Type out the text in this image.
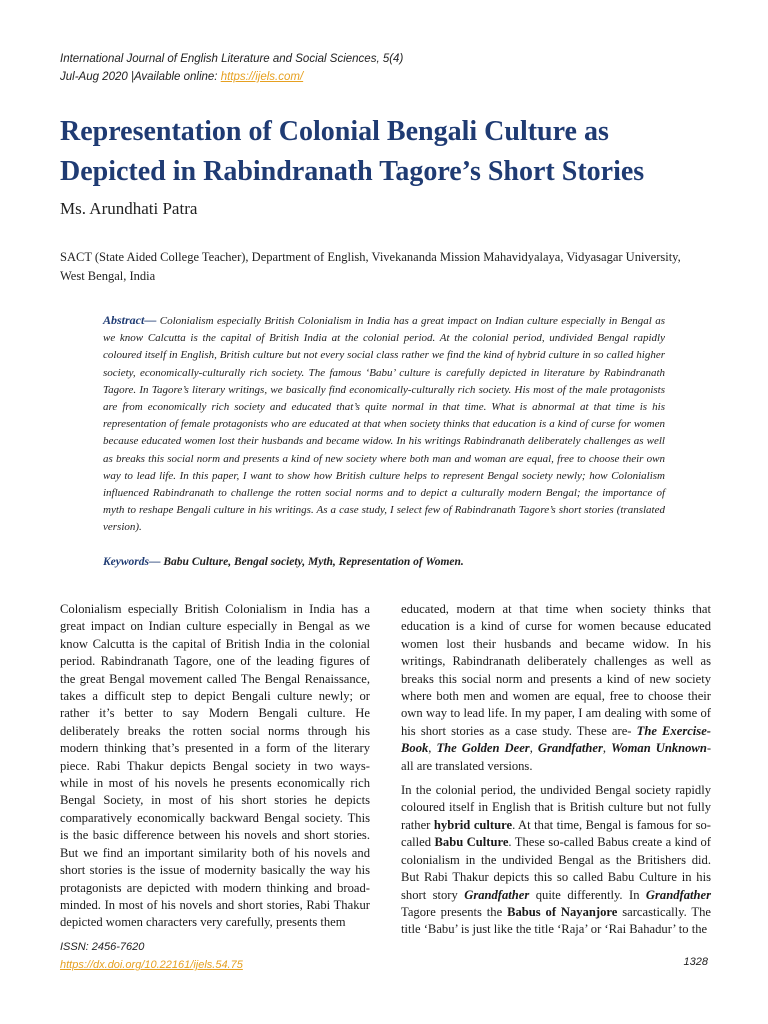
International Journal of English Literature and Social Sciences, 5(4)
Jul-Aug 2020 |Available online: https://ijels.com/
Representation of Colonial Bengali Culture as Depicted in Rabindranath Tagore’s Short Stories
Ms. Arundhati Patra
SACT (State Aided College Teacher), Department of English, Vivekananda Mission Mahavidyalaya, Vidyasagar University, West Bengal, India
Abstract— Colonialism especially British Colonialism in India has a great impact on Indian culture especially in Bengal as we know Calcutta is the capital of British India at the colonial period. At the colonial period, undivided Bengal rapidly coloured itself in English, British culture but not every social class rather we find the kind of hybrid culture in so called higher society, economically-culturally rich society. The famous ‘Babu’ culture is carefully depicted in literature by Rabindranath Tagore. In Tagore’s literary writings, we basically find economically-culturally rich society. His most of the male protagonists are from economically rich society and educated that’s quite normal in that time. What is abnormal at that time is his representation of female protagonists who are educated at that when society thinks that education is a kind of curse for women because educated women lost their husbands and became widow. In his writings Rabindranath deliberately challenges as well as breaks this social norm and presents a kind of new society where both man and woman are equal, free to choose their own way to lead life. In this paper, I want to show how British culture helps to represent Bengal society newly; how Colonialism influenced Rabindranath to challenge the rotten social norms and to depict a culturally modern Bengal; the importance of myth to reshape Bengali culture in his writings. As a case study, I select few of Rabindranath Tagore’s short stories (translated version).
Keywords— Babu Culture, Bengal society, Myth, Representation of Women.

Colonialism especially British Colonialism in India has a great impact on Indian culture especially in Bengal as we know Calcutta is the capital of British India in the colonial period. Rabindranath Tagore, one of the leading figures of the great Bengal movement called The Bengal Renaissance, takes a difficult step to depict Bengali culture newly; or rather it’s better to say Modern Bengali culture. He deliberately breaks the rotten social norms through his modern thinking that’s presented in a form of the literary piece. Rabi Thakur depicts Bengal society in two ways- while in most of his novels he presents economically rich Bengal Society, in most of his short stories he depicts comparatively economically backward Bengal society. This is the basic difference between his novels and short stories. But we find an important similarity both of his novels and short stories is the issue of modernity basically the way his protagonists are depicted with modern thinking and broad-minded. In most of his novels and short stories, Rabi Thakur depicted women characters very carefully, presents them

educated, modern at that time when society thinks that education is a kind of curse for women because educated women lost their husbands and became widow. In his writings, Rabindranath deliberately challenges as well as breaks this social norm and presents a kind of new society where both men and women are equal, free to choose their own way to lead life. In my paper, I am dealing with some of his short stories as a case study. These are- The Exercise-Book, The Golden Deer, Grandfather, Woman Unknown- all are translated versions.

In the colonial period, the undivided Bengal society rapidly coloured itself in English that is British culture but not fully rather hybrid culture. At that time, Bengal is famous for so-called Babu Culture. These so-called Babus create a kind of colonialism in the undivided Bengal as the Britishers did. But Rabi Thakur depicts this so called Babu Culture in his short story Grandfather quite differently. In Grandfather Tagore presents the Babus of Nayanjore sarcastically. The title ‘Babu’ is just like the title ‘Raja’ or ‘Rai Bahadur’ to the

ISSN: 2456-7620
https://dx.doi.org/10.22161/ijels.54.75	1328
